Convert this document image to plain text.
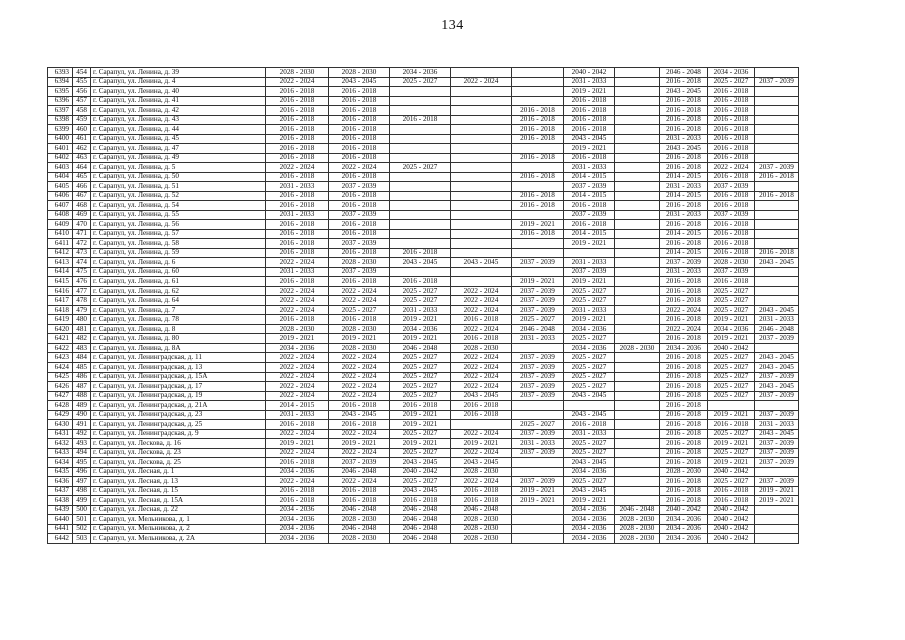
134
6393	454	г. Сарапул, ул. Ленина, д. 39	2028 - 2030	2028 - 2030	2034 - 2036			2040 - 2042		2046 - 2048	2034 - 2036	
6394	455	г. Сарапул, ул. Ленина, д. 4	2022 - 2024	2043 - 2045	2025 - 2027	2022 - 2024		2031 - 2033		2016 - 2018	2025 - 2027	2037 - 2039
6395	456	г. Сарапул, ул. Ленина, д. 40	2016 - 2018	2016 - 2018				2019 - 2021		2043 - 2045	2016 - 2018	
6396	457	г. Сарапул, ул. Ленина, д. 41	2016 - 2018	2016 - 2018				2016 - 2018		2016 - 2018	2016 - 2018	
6397	458	г. Сарапул, ул. Ленина, д. 42	2016 - 2018	2016 - 2018			2016 - 2018	2016 - 2018		2016 - 2018	2016 - 2018	
6398	459	г. Сарапул, ул. Ленина, д. 43	2016 - 2018	2016 - 2018	2016 - 2018		2016 - 2018	2016 - 2018		2016 - 2018	2016 - 2018	
6399	460	г. Сарапул, ул. Ленина, д. 44	2016 - 2018	2016 - 2018			2016 - 2018	2016 - 2018		2016 - 2018	2016 - 2018	
6400	461	г. Сарапул, ул. Ленина, д. 45	2016 - 2018	2016 - 2018			2016 - 2018	2043 - 2045		2031 - 2033	2016 - 2018	
6401	462	г. Сарапул, ул. Ленина, д. 47	2016 - 2018	2016 - 2018				2019 - 2021		2043 - 2045	2016 - 2018	
6402	463	г. Сарапул, ул. Ленина, д. 49	2016 - 2018	2016 - 2018			2016 - 2018	2016 - 2018		2016 - 2018	2016 - 2018	
6403	464	г. Сарапул, ул. Ленина, д. 5	2022 - 2024	2022 - 2024	2025 - 2027			2031 - 2033		2016 - 2018	2022 - 2024	2037 - 2039
6404	465	г. Сарапул, ул. Ленина, д. 50	2016 - 2018	2016 - 2018			2016 - 2018	2014 - 2015		2014 - 2015	2016 - 2018	2016 - 2018
6405	466	г. Сарапул, ул. Ленина, д. 51	2031 - 2033	2037 - 2039				2037 - 2039		2031 - 2033	2037 - 2039	
6406	467	г. Сарапул, ул. Ленина, д. 52	2016 - 2018	2016 - 2018			2016 - 2018	2014 - 2015		2014 - 2015	2016 - 2018	2016 - 2018
6407	468	г. Сарапул, ул. Ленина, д. 54	2016 - 2018	2016 - 2018			2016 - 2018	2016 - 2018		2016 - 2018	2016 - 2018	
6408	469	г. Сарапул, ул. Ленина, д. 55	2031 - 2033	2037 - 2039				2037 - 2039		2031 - 2033	2037 - 2039	
6409	470	г. Сарапул, ул. Ленина, д. 56	2016 - 2018	2016 - 2018			2019 - 2021	2016 - 2018		2016 - 2018	2016 - 2018	
6410	471	г. Сарапул, ул. Ленина, д. 57	2016 - 2018	2016 - 2018			2016 - 2018	2014 - 2015		2014 - 2015	2016 - 2018	
6411	472	г. Сарапул, ул. Ленина, д. 58	2016 - 2018	2037 - 2039				2019 - 2021		2016 - 2018	2016 - 2018	
6412	473	г. Сарапул, ул. Ленина, д. 59	2016 - 2018	2016 - 2018	2016 - 2018					2014 - 2015	2016 - 2018	2016 - 2018
6413	474	г. Сарапул, ул. Ленина, д. 6	2022 - 2024	2028 - 2030	2043 - 2045	2043 - 2045	2037 - 2039	2031 - 2033		2037 - 2039	2028 - 2030	2043 - 2045
6414	475	г. Сарапул, ул. Ленина, д. 60	2031 - 2033	2037 - 2039				2037 - 2039		2031 - 2033	2037 - 2039	
6415	476	г. Сарапул, ул. Ленина, д. 61	2016 - 2018	2016 - 2018	2016 - 2018		2019 - 2021	2019 - 2021		2016 - 2018	2016 - 2018	
6416	477	г. Сарапул, ул. Ленина, д. 62	2022 - 2024	2022 - 2024	2025 - 2027	2022 - 2024	2037 - 2039	2025 - 2027		2016 - 2018	2025 - 2027	
6417	478	г. Сарапул, ул. Ленина, д. 64	2022 - 2024	2022 - 2024	2025 - 2027	2022 - 2024	2037 - 2039	2025 - 2027		2016 - 2018	2025 - 2027	
6418	479	г. Сарапул, ул. Ленина, д. 7	2022 - 2024	2025 - 2027	2031 - 2033	2022 - 2024	2037 - 2039	2031 - 2033		2022 - 2024	2025 - 2027	2043 - 2045
6419	480	г. Сарапул, ул. Ленина, д. 78	2016 - 2018	2016 - 2018	2019 - 2021	2016 - 2018	2025 - 2027	2019 - 2021		2016 - 2018	2019 - 2021	2031 - 2033
6420	481	г. Сарапул, ул. Ленина, д. 8	2028 - 2030	2028 - 2030	2034 - 2036	2022 - 2024	2046 - 2048	2034 - 2036		2022 - 2024	2034 - 2036	2046 - 2048
6421	482	г. Сарапул, ул. Ленина, д. 80	2019 - 2021	2019 - 2021	2019 - 2021	2016 - 2018	2031 - 2033	2025 - 2027		2016 - 2018	2019 - 2021	2037 - 2039
6422	483	г. Сарапул, ул. Ленина, д. 8А	2034 - 2036	2028 - 2030	2046 - 2048	2028 - 2030		2034 - 2036	2028 - 2030	2034 - 2036	2040 - 2042	
6423	484	г. Сарапул, ул. Ленинградская, д. 11	2022 - 2024	2022 - 2024	2025 - 2027	2022 - 2024	2037 - 2039	2025 - 2027		2016 - 2018	2025 - 2027	2043 - 2045
6424	485	г. Сарапул, ул. Ленинградская, д. 13	2022 - 2024	2022 - 2024	2025 - 2027	2022 - 2024	2037 - 2039	2025 - 2027		2016 - 2018	2025 - 2027	2043 - 2045
6425	486	г. Сарапул, ул. Ленинградская, д. 15А	2022 - 2024	2022 - 2024	2025 - 2027	2022 - 2024	2037 - 2039	2025 - 2027		2016 - 2018	2025 - 2027	2037 - 2039
6426	487	г. Сарапул, ул. Ленинградская, д. 17	2022 - 2024	2022 - 2024	2025 - 2027	2022 - 2024	2037 - 2039	2025 - 2027		2016 - 2018	2025 - 2027	2043 - 2045
6427	488	г. Сарапул, ул. Ленинградская, д. 19	2022 - 2024	2022 - 2024	2025 - 2027	2043 - 2045	2037 - 2039	2043 - 2045		2016 - 2018	2025 - 2027	2037 - 2039
6428	489	г. Сарапул, ул. Ленинградская, д. 21А	2014 - 2015	2016 - 2018	2016 - 2018	2016 - 2018				2016 - 2018		
6429	490	г. Сарапул, ул. Ленинградская, д. 23	2031 - 2033	2043 - 2045	2019 - 2021	2016 - 2018		2043 - 2045		2016 - 2018	2019 - 2021	2037 - 2039
6430	491	г. Сарапул, ул. Ленинградская, д. 25	2016 - 2018	2016 - 2018	2019 - 2021		2025 - 2027	2016 - 2018		2016 - 2018	2016 - 2018	2031 - 2033
6431	492	г. Сарапул, ул. Ленинградская, д. 9	2022 - 2024	2022 - 2024	2025 - 2027	2022 - 2024	2037 - 2039	2031 - 2033		2016 - 2018	2025 - 2027	2043 - 2045
6432	493	г. Сарапул, ул. Лескова, д. 16	2019 - 2021	2019 - 2021	2019 - 2021	2019 - 2021	2031 - 2033	2025 - 2027		2016 - 2018	2019 - 2021	2037 - 2039
6433	494	г. Сарапул, ул. Лескова, д. 23	2022 - 2024	2022 - 2024	2025 - 2027	2022 - 2024	2037 - 2039	2025 - 2027		2016 - 2018	2025 - 2027	2037 - 2039
6434	495	г. Сарапул, ул. Лескова, д. 25	2016 - 2018	2037 - 2039	2043 - 2045	2043 - 2045		2043 - 2045		2016 - 2018	2019 - 2021	2037 - 2039
6435	496	г. Сарапул, ул. Лесная, д. 1	2034 - 2036	2046 - 2048	2040 - 2042	2028 - 2030		2034 - 2036		2028 - 2030	2040 - 2042	
6436	497	г. Сарапул, ул. Лесная, д. 13	2022 - 2024	2022 - 2024	2025 - 2027	2022 - 2024	2037 - 2039	2025 - 2027		2016 - 2018	2025 - 2027	2037 - 2039
6437	498	г. Сарапул, ул. Лесная, д. 15	2016 - 2018	2016 - 2018	2043 - 2045	2016 - 2018	2019 - 2021	2043 - 2045		2016 - 2018	2016 - 2018	2019 - 2021
6438	499	г. Сарапул, ул. Лесная, д. 15А	2016 - 2018	2016 - 2018	2016 - 2018	2016 - 2018	2019 - 2021	2019 - 2021		2016 - 2018	2016 - 2018	2019 - 2021
6439	500	г. Сарапул, ул. Лесная, д. 22	2034 - 2036	2046 - 2048	2046 - 2048	2046 - 2048		2034 - 2036	2046 - 2048	2040 - 2042	2040 - 2042	
6440	501	г. Сарапул, ул. Мельникова, д. 1	2034 - 2036	2028 - 2030	2046 - 2048	2028 - 2030		2034 - 2036	2028 - 2030	2034 - 2036	2040 - 2042	
6441	502	г. Сарапул, ул. Мельникова, д. 2	2034 - 2036	2046 - 2048	2046 - 2048	2028 - 2030		2034 - 2036	2028 - 2030	2034 - 2036	2040 - 2042	
6442	503	г. Сарапул, ул. Мельникова, д. 2А	2034 - 2036	2028 - 2030	2046 - 2048	2028 - 2030		2034 - 2036	2028 - 2030	2034 - 2036	2040 - 2042	
